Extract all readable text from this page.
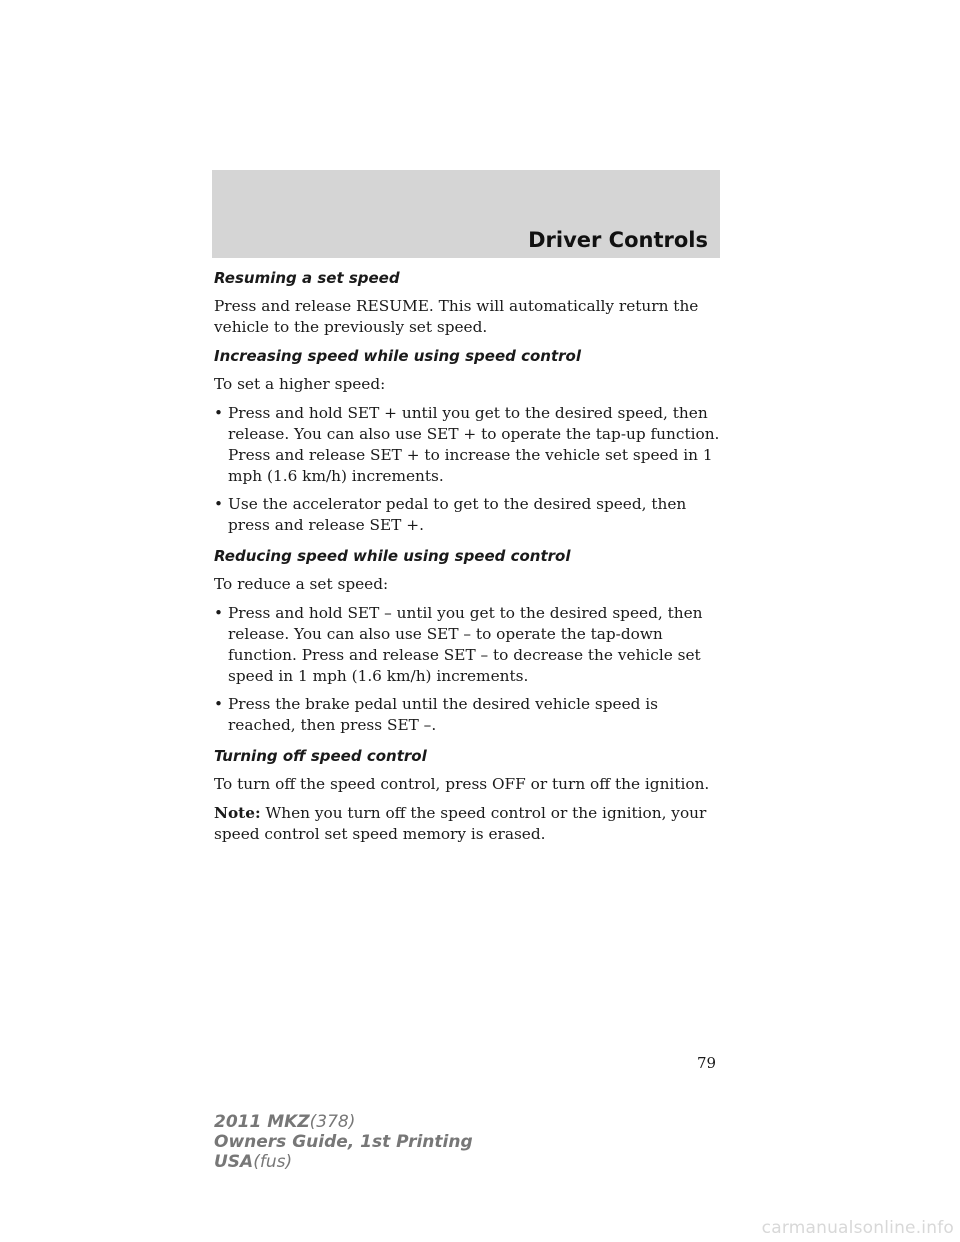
Driver Controls
Resuming a set speed

Press and release RESUME. This will automatically return the vehicle to the previously set speed.

Increasing speed while using speed control

To set a higher speed:

• Press and hold SET + until you get to the desired speed, then release. You can also use SET + to operate the tap-up function. Press and release SET + to increase the vehicle set speed in 1 mph (1.6 km/h) increments.
• Use the accelerator pedal to get to the desired speed, then press and release SET +.
Reducing speed while using speed control

To reduce a set speed:

• Press and hold SET – until you get to the desired speed, then release. You can also use SET – to operate the tap-down function. Press and release SET – to decrease the vehicle set speed in 1 mph (1.6 km/h) increments.
• Press the brake pedal until the desired vehicle speed is reached, then press SET –.
Turning off speed control

To turn off the speed control, press OFF or turn off the ignition.

Note: When you turn off the speed control or the ignition, your speed control set speed memory is erased.

79
2011 MKZ(378)
Owners Guide, 1st Printing
USA(fus)
carmanualsonline.info
